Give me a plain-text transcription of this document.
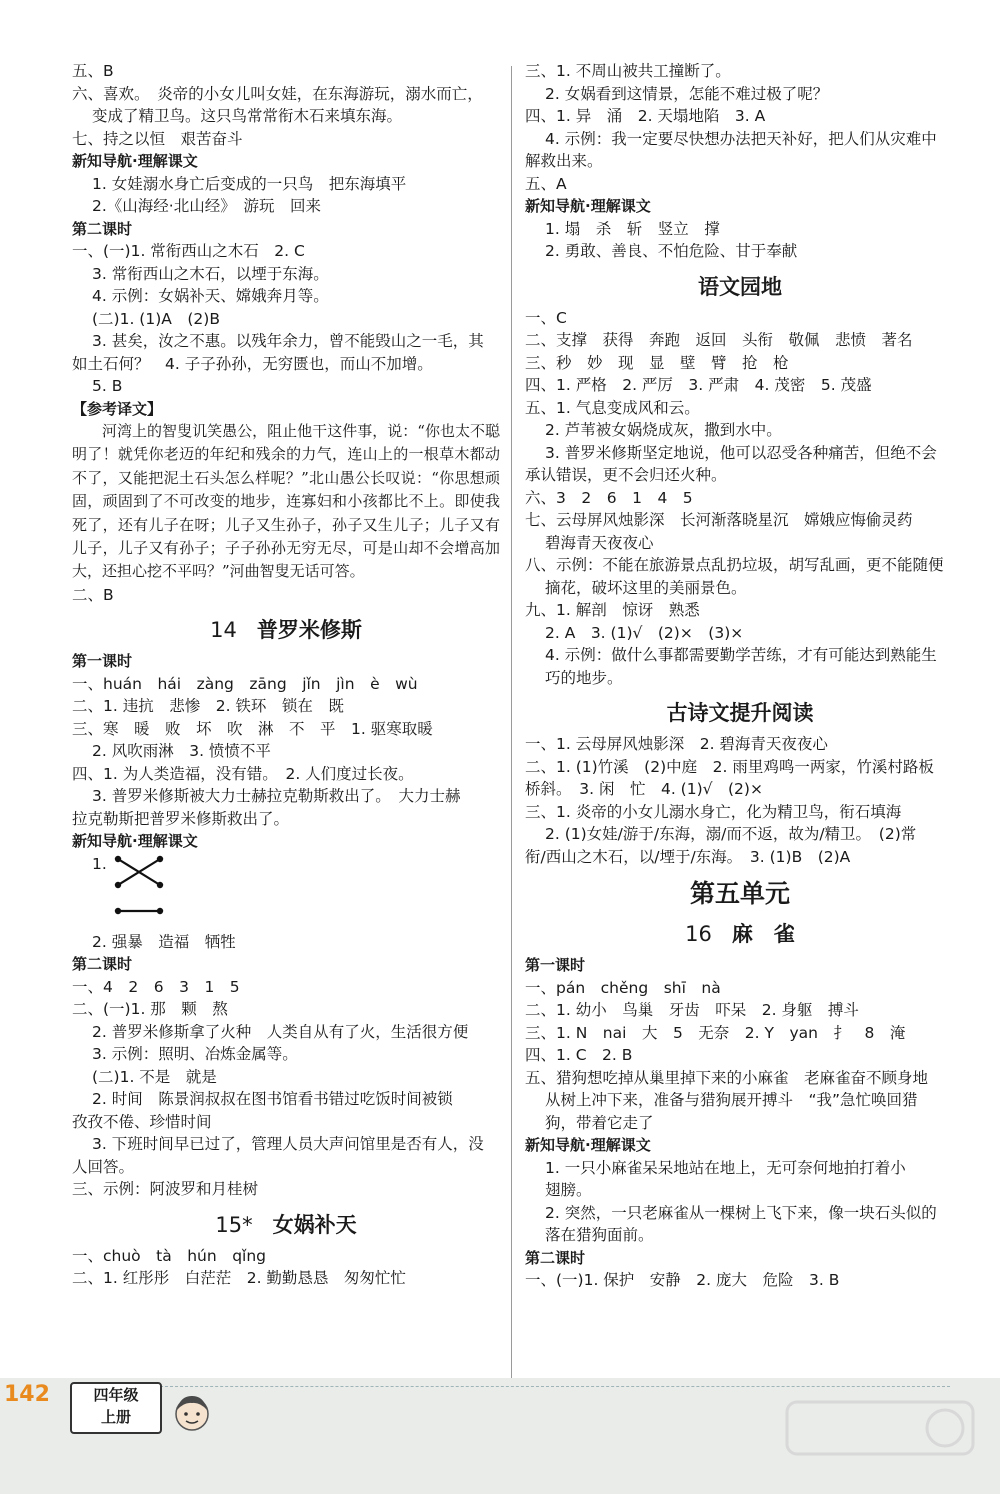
五、B
六、喜欢。　炎帝的小女儿叫女娃，在东海游玩，溺水而亡，
变成了精卫鸟。这只鸟常常衔木石来填东海。
七、持之以恒　艰苦奋斗
新知导航·理解课文
1. 女娃溺水身亡后变成的一只鸟　把东海填平
2.《山海经·北山经》　游玩　回来
第二课时
一、(一)1. 常衔西山之木石　2. C
3. 常衔西山之木石，以堙于东海。
4. 示例：女娲补天、嫦娥奔月等。
(二)1. (1)A　(2)B
3. 甚矣，汝之不惠。以残年余力，曾不能毁山之一毛，其
如土石何？　4. 子子孙孙，无穷匮也，而山不加增。
5. B
【参考译文】

河湾上的智叟讥笑愚公，阻止他干这件事，说：“你也太不聪明了！就凭你老迈的年纪和残余的力气，连山上的一根草木都动不了，又能把泥土石头怎么样呢？”北山愚公长叹说：“你思想顽固，顽固到了不可改变的地步，连寡妇和小孩都比不上。即使我死了，还有儿子在呀；儿子又生孙子，孙子又生儿子；儿子又有儿子，儿子又有孙子；子子孙孙无穷无尽，可是山却不会增高加大，还担心挖不平吗？”河曲智叟无话可答。

二、B
14 普罗米修斯
第一课时
一、huán　hái　zàng　zāng　jǐn　jìn　è　wù
二、1. 违抗　悲惨　2. 铁环　锁在　既
三、寒　暖　败　坏　吹　淋　不　平　1. 驱寒取暖
2. 风吹雨淋　3. 愤愤不平
四、1. 为人类造福，没有错。　2. 人们度过长夜。
3. 普罗米修斯被大力士赫拉克勒斯救出了。　大力士赫
拉克勒斯把普罗米修斯救出了。
新知导航·理解课文
1.
2. 强暴　造福　牺牲
第二课时
一、4　2　6　3　1　5
二、(一)1. 那　颗　熬
2. 普罗米修斯拿了火种　人类自从有了火，生活很方便
3. 示例：照明、冶炼金属等。
(二)1. 不是　就是
2. 时间　陈景润叔叔在图书馆看书错过吃饭时间被锁
孜孜不倦、珍惜时间
3. 下班时间早已过了，管理人员大声问馆里是否有人，没
人回答。
三、示例：阿波罗和月桂树
15* 女娲补天
一、chuò　tà　hún　qǐng
二、1. 红彤彤　白茫茫　2. 勤勤恳恳　匆匆忙忙
三、1. 不周山被共工撞断了。
2. 女娲看到这情景，怎能不难过极了呢？
四、1. 异　涌　2. 天塌地陷　3. A
4. 示例：我一定要尽快想办法把天补好，把人们从灾难中
解救出来。
五、A
新知导航·理解课文
1. 塌　杀　斩　竖立　撑
2. 勇敢、善良、不怕危险、甘于奉献
语文园地
一、C
二、支撑　获得　奔跑　返回　头衔　敬佩　悲愤　著名
三、秒　妙　现　显　壁　臂　抢　枪
四、1. 严格　2. 严厉　3. 严肃　4. 茂密　5. 茂盛
五、1. 气息变成风和云。
2. 芦苇被女娲烧成灰，撒到水中。
3. 普罗米修斯坚定地说，他可以忍受各种痛苦，但绝不会
承认错误，更不会归还火种。
六、3　2　6　1　4　5
七、云母屏风烛影深　长河渐落晓星沉　嫦娥应悔偷灵药
碧海青天夜夜心
八、示例：不能在旅游景点乱扔垃圾，胡写乱画，更不能随便
摘花，破坏这里的美丽景色。
九、1. 解剖　惊讶　熟悉
2. A　3. (1)√　(2)×　(3)×
4. 示例：做什么事都需要勤学苦练，才有可能达到熟能生
巧的地步。
古诗文提升阅读
一、1. 云母屏风烛影深　2. 碧海青天夜夜心
二、1. (1)竹溪　(2)中庭　2. 雨里鸡鸣一两家，竹溪村路板
桥斜。　3. 闲　忙　4. (1)√　(2)×
三、1. 炎帝的小女儿溺水身亡，化为精卫鸟，衔石填海
2. (1)女娃/游于/东海，溺/而不返，故为/精卫。　(2)常
衔/西山之木石，以/堙于/东海。　3. (1)B　(2)A
第五单元
16 麻　雀
第一课时
一、pán　chěng　shī　nà
二、1. 幼小　鸟巢　牙齿　吓呆　2. 身躯　搏斗
三、1. N　nai　大　5　无奈　2. Y　yan　扌　8　淹
四、1. C　2. B
五、猎狗想吃掉从巢里掉下来的小麻雀　老麻雀奋不顾身地
从树上冲下来，准备与猎狗展开搏斗　“我”急忙唤回猎
狗，带着它走了
新知导航·理解课文
1. 一只小麻雀呆呆地站在地上，无可奈何地拍打着小
翅膀。
2. 突然，一只老麻雀从一棵树上飞下来，像一块石头似的
落在猎狗面前。
第二课时
一、(一)1. 保护　安静　2. 庞大　危险　3. B
142	四年级
上册
